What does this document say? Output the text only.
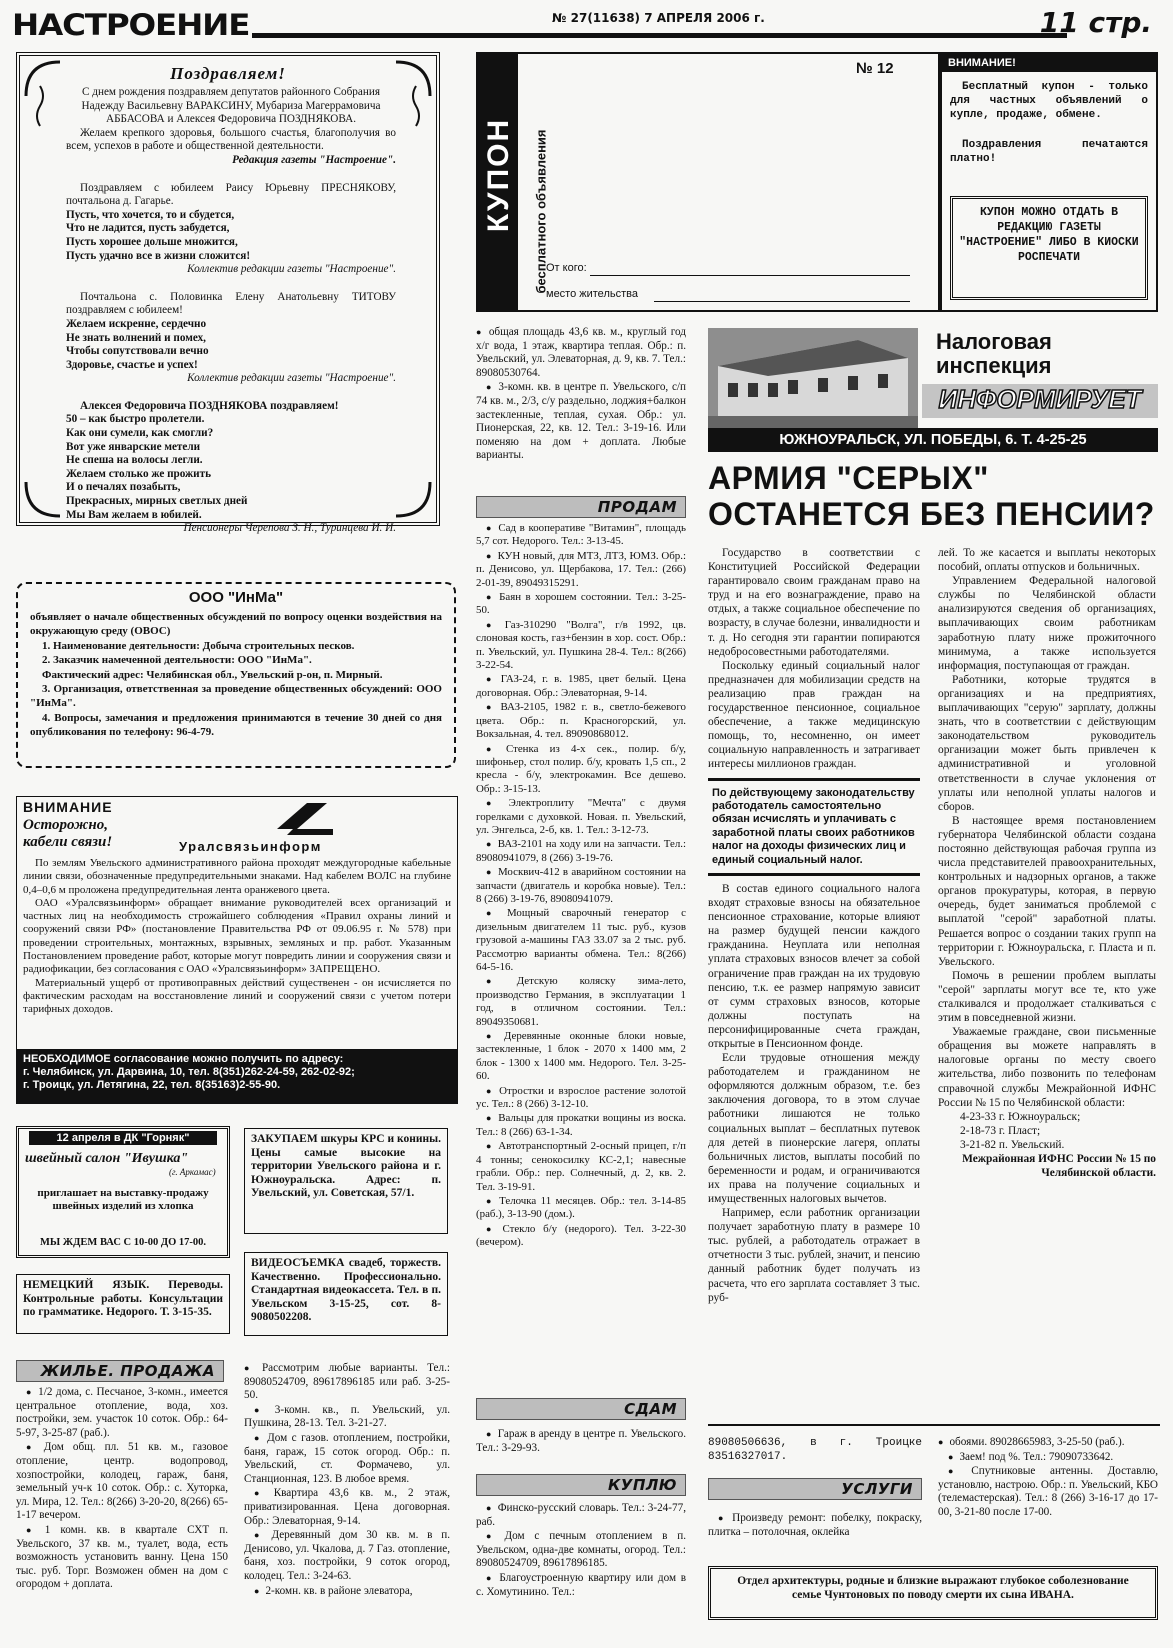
НАСТРОЕНИЕ	№ 27(11638) 7 АПРЕЛЯ 2006 г.	11 стр.
Поздравляем!

С днем рождения поздравляем депутатов районного Собрания Надежду Васильевну ВАРАКСИНУ, Мубариза Магеррамовича АББАСОВА и Алексея Федоровича ПОЗДНЯКОВА.

Желаем крепкого здоровья, большого счастья, благополучия во всем, успехов в работе и общественной деятельности.

Редакция газеты "Настроение".

Поздравляем с юбилеем Раису Юрьевну ПРЕСНЯКОВУ, почтальона д. Гагарье.

Пусть, что хочется, то и сбудется,

Что не ладится, пусть забудется,

Пусть хорошее дольше множится,

Пусть удачно все в жизни сложится!

Коллектив редакции газеты "Настроение".

Почтальона с. Половинка Елену Анатольевну ТИТОВУ поздравляем с юбилеем!

Желаем искренне, сердечно

Не знать волнений и помех,

Чтобы сопутствовали вечно

Здоровье, счастье и успех!

Коллектив редакции газеты "Настроение".

Алексея Федоровича ПОЗДНЯКОВА поздравляем!

50 – как быстро пролетели.

Как они сумели, как смогли?

Вот уже январские метели

Не спеша на волосы легли.

Желаем столько же прожить

И о печалях позабыть,

Прекрасных, мирных светлых дней

Мы Вам желаем в юбилей.

Пенсионеры Черепова З. Н., Туринцева И. И.

ООО "ИнМа"

объявляет о начале общественных обсуждений по вопросу оценки воздействия на окружающую среду (ОВОС)

1. Наименование деятельности: Добыча строительных песков.

2. Заказчик намеченной деятельности: ООО "ИнМа".

Фактический адрес: Челябинская обл., Увельский р-он, п. Мирный.

3. Организация, ответственная за проведение общественных обсуждений: ООО "ИнМа".

4. Вопросы, замечания и предложения принимаются в течение 30 дней со дня опубликования по телефону: 96-4-79.

ВНИМАНИЕ
Осторожно, кабели связи!	Уралсвязьинформ

По землям Увельского административного района проходят междугородные кабельные линии связи, обозначенные предупредительными знаками. Над кабелем ВОЛС на глубине 0,4–0,6 м проложена предупредительная лента оранжевого цвета.

ОАО «Уралсвязьинформ» обращает внимание руководителей всех организаций и частных лиц на необходимость строжайшего соблюдения «Правил охраны линий и сооружений связи РФ» (постановление Правительства РФ от 09.06.95 г. № 578) при проведении строительных, монтажных, взрывных, земляных и пр. работ. Указанным Постановлением проведение работ, которые могут повредить линии и сооружения связи и радиофикации, без согласования с ОАО «Уралсвязьинформ» ЗАПРЕЩЕНО.

Материальный ущерб от противоправных действий существенен - он исчисляется по фактическим расходам на восстановление линий и сооружений связи с учетом потери тарифных доходов.

НЕОБХОДИМОЕ согласование можно получить по адресу:
г. Челябинск, ул. Дарвина, 10, тел. 8(351)262-24-59, 262-02-92;
г. Троицк, ул. Летягина, 22, тел. 8(35163)2-55-90.
12 апреля в ДК "Горняк"
швейный салон "Ивушка"
(г. Аркамас)
приглашает на выставку-продажу швейных изделий из хлопка
МЫ ЖДЕМ ВАС С 10-00 ДО 17-00.
ЗАКУПАЕМ шкуры КРС и конины. Цены самые высокие на территории Увельского района и г. Южноуральска. Адрес: п. Увельский, ул. Советская, 57/1.
НЕМЕЦКИЙ ЯЗЫК. Переводы. Контрольные работы. Консультации по грамматике. Недорого. Т. 3-15-35.
ВИДЕОСЪЕМКА свадеб, торжеств. Качественно. Профессионально. Стандартная видеокассета. Тел. в п. Увельском 3-15-25, сот. 8-9080502208.
ЖИЛЬЕ. ПРОДАЖА
● 1/2 дома, с. Песчаное, 3-комн., имеется центральное отопление, вода, хоз. постройки, зем. участок 10 соток. Обр.: 64-5-97, 3-25-87 (раб.).
● Дом общ. пл. 51 кв. м., газовое отопление, центр. водопровод, хозпостройки, колодец, гараж, баня, земельный уч-к 10 соток. Обр.: с. Хуторка, ул. Мира, 12. Тел.: 8(266) 3-20-20, 8(266) 65-1-17 вечером.
● 1 комн. кв. в квартале СХТ п. Увельского, 37 кв. м., туалет, вода, есть возможность установить ванну. Цена 150 тыс. руб. Торг. Возможен обмен на дом с огородом + доплата.
● Рассмотрим любые варианты. Тел.: 89080524709, 89617896185 или раб. 3-25-50.
● 3-комн. кв., п. Увельский, ул. Пушкина, 28-13. Тел. 3-21-27.
● Дом с газов. отоплением, постройки, баня, гараж, 15 соток огород. Обр.: п. Увельский, ст. Формачево, ул. Станционная, 123. В любое время.
● Квартира 43,6 кв. м., 2 этаж, приватизированная. Цена договорная. Обр.: Элеваторная, 9-14.
● Деревянный дом 30 кв. м. в п. Денисово, ул. Чкалова, д. 7 Газ. отопление, баня, хоз. постройки, 9 соток огород, колодец. Тел.: 3-24-63.
● 2-комн. кв. в районе элеватора,
● общая площадь 43,6 кв. м., круглый год х/г вода, 1 этаж, квартира теплая. Обр.: п. Увельский, ул. Элеваторная, д. 9, кв. 7. Тел.: 89080530764.
● 3-комн. кв. в центре п. Увельского, с/п 74 кв. м., 2/3, с/у раздельно, лоджия+балкон застекленные, теплая, сухая. Обр.: ул. Пионерская, 22, кв. 12. Тел.: 3-19-16. Или поменяю на дом + доплата. Любые варианты.
ПРОДАМ
● Сад в кооперативе "Витамин", площадь 5,7 сот. Недорого. Тел.: 3-13-45.
● КУН новый, для МТЗ, ЛТЗ, ЮМЗ. Обр.: п. Денисово, ул. Щербакова, 17. Тел.: (266) 2-01-39, 89049315291.
● Баян в хорошем состоянии. Тел.: 3-25-50.
● Газ-310290 "Волга", г/в 1992, цв. слоновая кость, газ+бензин в хор. сост. Обр.: п. Увельский, ул. Пушкина 28-4. Тел.: 8(266) 3-22-54.
● ГАЗ-24, г. в. 1985, цвет белый. Цена договорная. Обр.: Элеваторная, 9-14.
● ВАЗ-2105, 1982 г. в., светло-бежевого цвета. Обр.: п. Красногорский, ул. Вокзальная, 4. тел. 89090868012.
● Стенка из 4-х сек., полир. б/у, шифоньер, стол полир. б/у, кровать 1,5 сп., 2 кресла - б/у, электрокамин. Все дешево. Обр.: 3-15-13.
● Электроплиту "Мечта" с двумя горелками с духовкой. Новая. п. Увельский, ул. Энгельса, 2-б, кв. 1. Тел.: 3-12-73.
● ВАЗ-2101 на ходу или на запчасти. Тел.: 89080941079, 8 (266) 3-19-76.
● Москвич-412 в аварийном состоянии на запчасти (двигатель и коробка новые). Тел.: 8 (266) 3-19-76, 89080941079.
● Мощный сварочный генератор с дизельным двигателем 11 тыс. руб., кузов грузовой а-машины ГАЗ 33.07 за 2 тыс. руб. Рассмотрю варианты обмена. Тел.: 8(266) 64-5-16.
● Детскую коляску зима-лето, производство Германия, в эксплуатации 1 год, в отличном состоянии. Тел.: 89049350681.
● Деревянные оконные блоки новые, застекленные, 1 блок - 2070 х 1400 мм, 2 блок - 1300 х 1400 мм. Недорого. Тел. 3-25-60.
● Отростки и взрослое растение золотой ус. Тел.: 8 (266) 3-12-10.
● Вальцы для прокатки вощины из воска. Тел.: 8 (266) 63-1-34.
● Автотранспортный 2-осный прицеп, г/п 4 тонны; сенокосилку КС-2,1; навесные грабли. Обр.: пер. Солнечный, д. 2, кв. 2. Тел. 3-19-91.
● Телочка 11 месяцев. Обр.: тел. 3-14-85 (раб.), 3-13-90 (дом.).
● Стекло б/у (недорого). Тел. 3-22-30 (вечером).
СДАМ
● Гараж в аренду в центре п. Увельского. Тел.: 3-29-93.
КУПЛЮ
● Финско-русский словарь. Тел.: 3-24-77, раб.
● Дом с печным отоплением в п. Увельском, одна-две комнаты, огород. Тел.: 89080524709, 89617896185.
● Благоустроенную квартиру или дом в с. Хомутинино. Тел.:
КУПОН бесплатного объявления
№ 12
От кого:
место жительства
ВНИМАНИЕ!
Бесплатный купон - только для частных объявлений о купле, продаже, обмене.
Поздравления печатаются платно!
КУПОН МОЖНО ОТДАТЬ В РЕДАКЦИЮ ГАЗЕТЫ "НАСТРОЕНИЕ" ЛИБО В КИОСКИ РОСПЕЧАТИ
Налоговая инспекция
ИНФОРМИРУЕТ
ЮЖНОУРАЛЬСК, УЛ. ПОБЕДЫ, 6. Т. 4-25-25
АРМИЯ "СЕРЫХ" ОСТАНЕТСЯ БЕЗ ПЕНСИИ?

Государство в соответствии с Конституцией Российской Федерации гарантировало своим гражданам право на труд и на его вознаграждение, право на отдых, а также социальное обеспечение по возрасту, в случае болезни, инвалидности и т. д. Но сегодня эти гарантии попираются недобросовестными работодателями.

Поскольку единый социальный налог предназначен для мобилизации средств на реализацию прав граждан на государственное пенсионное, социальное обеспечение, а также медицинскую помощь, то, несомненно, он имеет социальную направленность и затрагивает интересы миллионов граждан.

По действующему законодательству работодатель самостоятельно обязан исчислять и уплачивать с заработной платы своих работников налог на доходы физических лиц и единый социальный налог.

В состав единого социального налога входят страховые взносы на обязательное пенсионное страхование, которые влияют на размер будущей пенсии каждого гражданина. Неуплата или неполная уплата страховых взносов влечет за собой ограничение прав граждан на их трудовую пенсию, т.к. ее размер напрямую зависит от сумм страховых взносов, которые должны поступать на персонифицированные счета граждан, открытые в Пенсионном фонде.

Если трудовые отношения между работодателем и гражданином не оформляются должным образом, т.е. без заключения договора, то в этом случае работники лишаются не только социальных выплат – бесплатных путевок для детей в пионерские лагеря, оплаты больничных листов, выплаты пособий по беременности и родам, и ограничиваются их права на получение социальных и имущественных налоговых вычетов.

Например, если работник организации получает заработную плату в размере 10 тыс. рублей, а работодатель отражает в отчетности 3 тыс. рублей, значит, и пенсию данный работник будет получать из расчета, что его зарплата составляет 3 тыс. руб-

лей. То же касается и выплаты некоторых пособий, оплаты отпусков и больничных.

Управлением Федеральной налоговой службы по Челябинской области анализируются сведения об организациях, выплачивающих своим работникам заработную плату ниже прожиточного минимума, а также используется информация, поступающая от граждан.

Работники, которые трудятся в организациях и на предприятиях, выплачивающих "серую" зарплату, должны знать, что в соответствии с действующим законодательством руководитель организации может быть привлечен к административной и уголовной ответственности в случае уклонения от уплаты или неполной уплаты налогов и сборов.

В настоящее время постановлением губернатора Челябинской области создана постоянно действующая рабочая группа из числа представителей правоохранительных, контрольных и надзорных органов, а также органов прокуратуры, которая, в первую очередь, будет заниматься проблемой с выплатой "серой" заработной платы. Решается вопрос о создании таких групп на территории г. Южноуральска, г. Пласта и п. Увельского.

Помочь в решении проблем выплаты "серой" зарплаты могут все те, кто уже сталкивался и продолжает сталкиваться с этим в повседневной жизни.

Уважаемые граждане, свои письменные обращения вы можете направлять в налоговые органы по месту своего жительства, либо позвонить по телефонам справочной службы Межрайонной ИФНС России № 15 по Челябинской области:

4-23-33 г. Южноуральск;

2-18-73 г. Пласт;

3-21-82 п. Увельский.

Межрайонная ИФНС России № 15 по Челябинской области.

89080506636, в г. Троицке 83516327017.
УСЛУГИ
● Произведу ремонт: побелку, покраску, плитка – потолочная, оклейка
● обоями. 89028665983, 3-25-50 (раб.).
● Заем! под %. Тел.: 79090733642.
● Спутниковые антенны. Доставлю, установлю, настрою. Обр.: п. Увельский, КБО (телемастерская). Тел.: 8 (266) 3-16-17 до 17-00, 3-21-80 после 17-00.
Отдел архитектуры, родные и близкие выражают глубокое соболезнование семье Чунтоновых по поводу смерти их сына ИВАНА.
